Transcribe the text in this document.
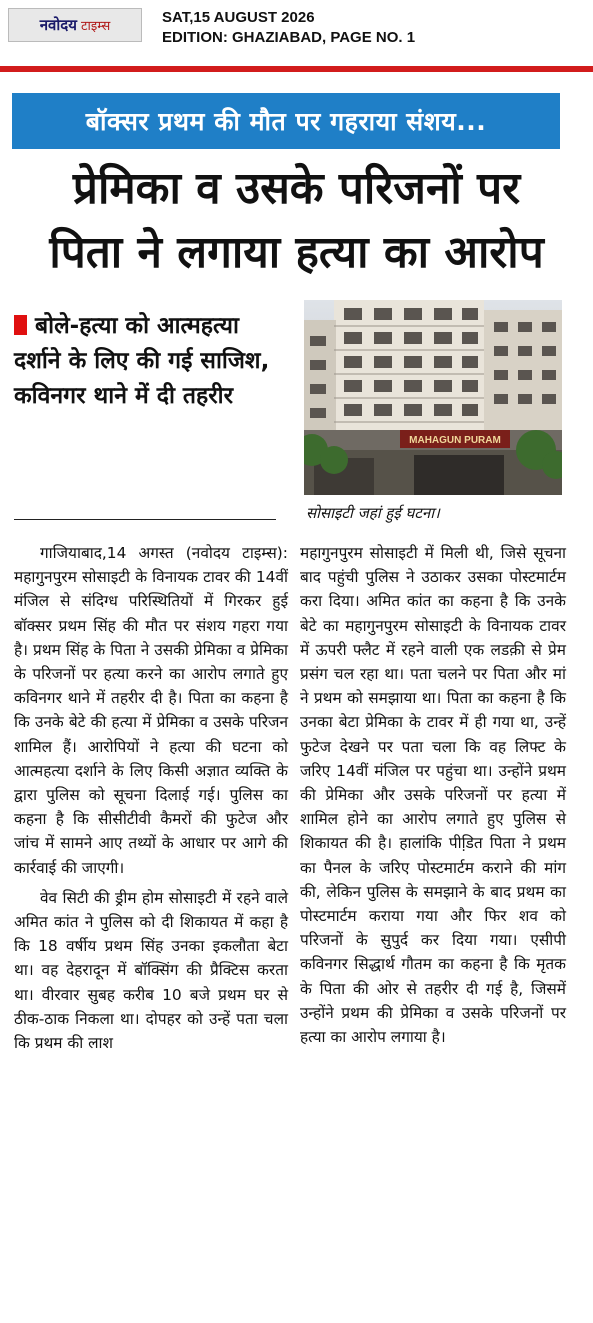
नवोदय टाइम्स
SAT,15 AUGUST 2026
EDITION: GHAZIABAD, PAGE NO. 1
बॉक्सर प्रथम की मौत पर गहराया संशय...
प्रेमिका व उसके परिजनों पर
पिता ने लगाया हत्या का आरोप
बोले-हत्या को आत्महत्या दर्शाने के लिए की गई साजिश, कविनगर थाने में दी तहरीर
MAHAGUN PURAM
सोसाइटी जहां हुई घटना।

गाजियाबाद,14 अगस्त (नवोदय टाइम्स): महागुनपुरम सोसाइटी के विनायक टावर की 14वीं मंजिल से संदिग्ध परिस्थितियों में गिरकर हुई बॉक्सर प्रथम सिंह की मौत पर संशय गहरा गया है। प्रथम सिंह के पिता ने उसकी प्रेमिका व प्रेमिका के परिजनों पर हत्या करने का आरोप लगाते हुए कविनगर थाने में तहरीर दी है। पिता का कहना है कि उनके बेटे की हत्या में प्रेमिका व उसके परिजन शामिल हैं। आरोपियों ने हत्या की घटना को आत्महत्या दर्शाने के लिए किसी अज्ञात व्यक्ति के द्वारा पुलिस को सूचना दिलाई गई। पुलिस का कहना है कि सीसीटीवी कैमरों की फुटेज और जांच में सामने आए तथ्यों के आधार पर आगे की कार्रवाई की जाएगी।

वेव सिटी की ड्रीम होम सोसाइटी में रहने वाले अमित कांत ने पुलिस को दी शिकायत में कहा है कि 18 वर्षीय प्रथम सिंह उनका इकलौता बेटा था। वह देहरादून में बॉक्सिंग की प्रैक्टिस करता था। वीरवार सुबह करीब 10 बजे प्रथम घर से ठीक-ठाक निकला था। दोपहर को उन्हें पता चला कि प्रथम की लाश

महागुनपुरम सोसाइटी में मिली थी, जिसे सूचना बाद पहुंची पुलिस ने उठाकर उसका पोस्टमार्टम करा दिया। अमित कांत का कहना है कि उनके बेटे का महागुनपुरम सोसाइटी के विनायक टावर में ऊपरी फ्लैट में रहने वाली एक लडक़ी से प्रेम प्रसंग चल रहा था। पता चलने पर पिता और मां ने प्रथम को समझाया था। पिता का कहना है कि उनका बेटा प्रेमिका के टावर में ही गया था, उन्हें फुटेज देखने पर पता चला कि वह लिफ्ट के जरिए 14वीं मंजिल पर पहुंचा था। उन्होंने प्रथम की प्रेमिका और उसके परिजनों पर हत्या में शामिल होने का आरोप लगाते हुए पुलिस से शिकायत की है। हालांकि पीडि़त पिता ने प्रथम का पैनल के जरिए पोस्टमार्टम कराने की मांग की, लेकिन पुलिस के समझाने के बाद प्रथम का पोस्टमार्टम कराया गया और फिर शव को परिजनों के सुपुर्द कर दिया गया। एसीपी कविनगर सिद्धार्थ गौतम का कहना है कि मृतक के पिता की ओर से तहरीर दी गई है, जिसमें उन्होंने प्रथम की प्रेमिका व उसके परिजनों पर हत्या का आरोप लगाया है।
